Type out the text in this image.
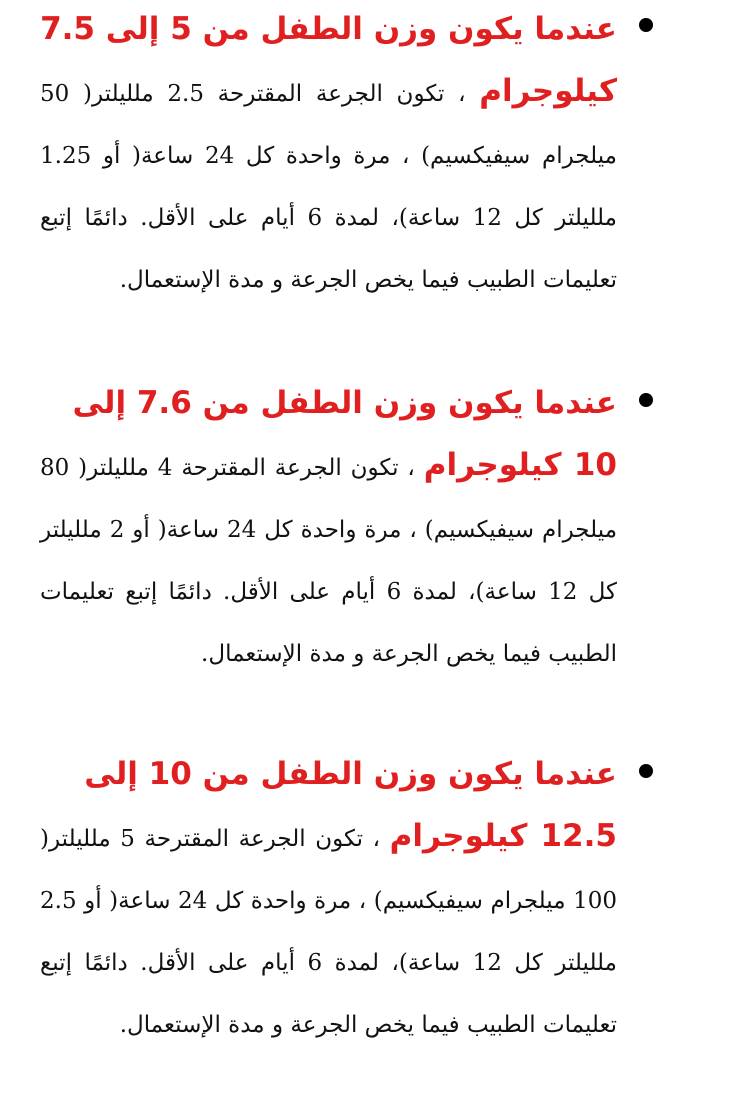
عندما يكون وزن الطفل من 5 إلى 7.5

كيلوجرام ، تكون الجرعة المقترحة 2.5 ملليلتر( 50 ميلجرام سيفيكسيم) ، مرة واحدة كل 24 ساعة( أو 1.25 ملليلتر كل 12 ساعة)، لمدة 6 أيام على الأقل. دائمًا إتبع تعليمات الطبيب فيما يخص الجرعة و مدة الإستعمال.

عندما يكون وزن الطفل من 7.6 إلى

10 كيلوجرام ، تكون الجرعة المقترحة 4 ملليلتر( 80 ميلجرام سيفيكسيم) ، مرة واحدة كل 24 ساعة( أو 2 ملليلتر كل 12 ساعة)، لمدة 6 أيام على الأقل. دائمًا إتبع تعليمات الطبيب فيما يخص الجرعة و مدة الإستعمال.

عندما يكون وزن الطفل من 10 إلى

12.5 كيلوجرام ، تكون الجرعة المقترحة 5 ملليلتر( 100 ميلجرام سيفيكسيم) ، مرة واحدة كل 24 ساعة( أو 2.5 ملليلتر كل 12 ساعة)، لمدة 6 أيام على الأقل. دائمًا إتبع تعليمات الطبيب فيما يخص الجرعة و مدة الإستعمال.
